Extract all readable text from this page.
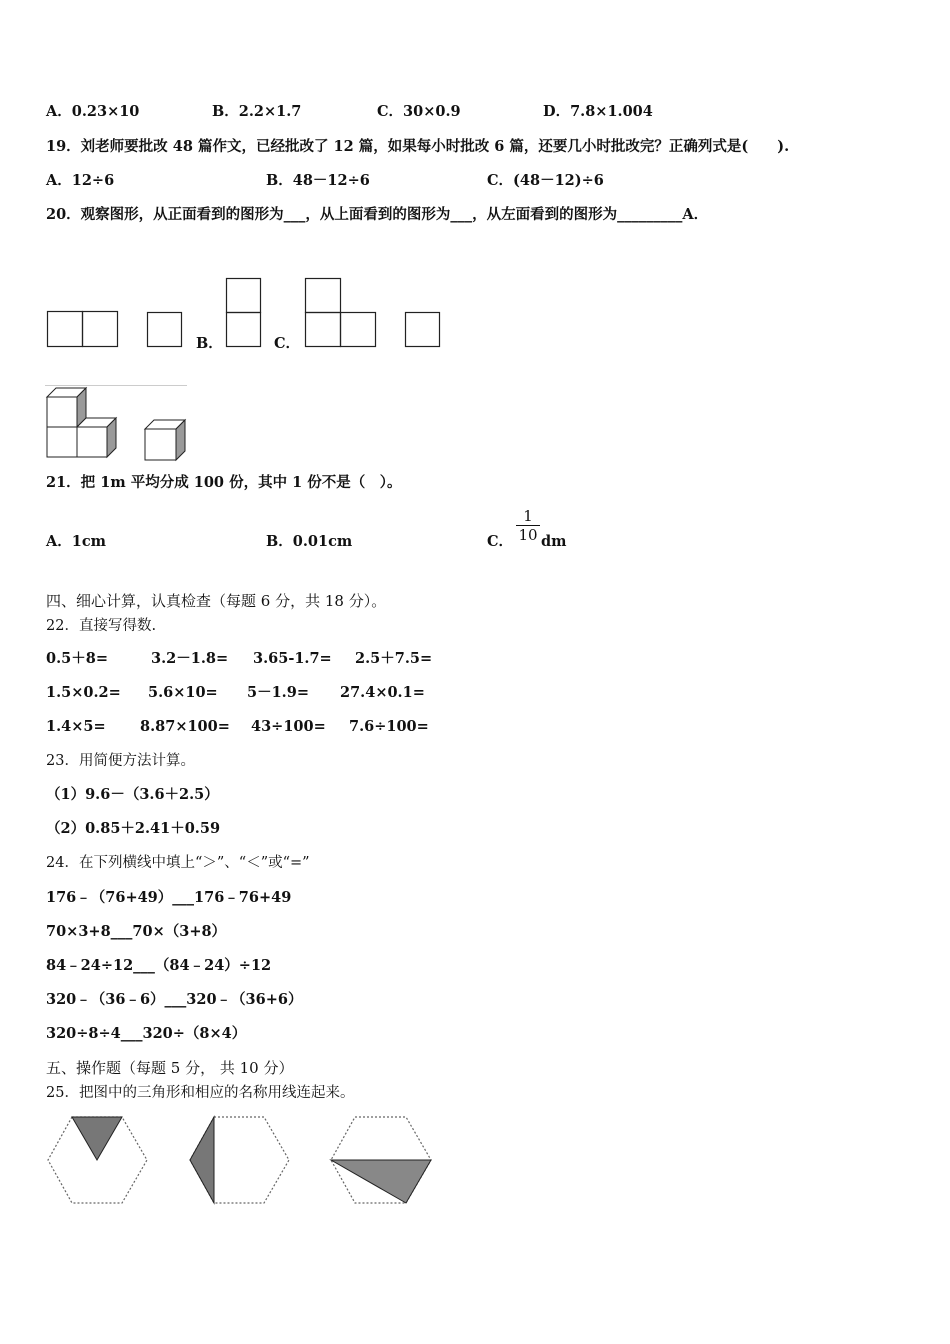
A．0.23×10	B．2.2×1.7	C．30×0.9	D．7.8×1.004
19．刘老师要批改 48 篇作文，已经批改了 12 篇，如果每小时批改 6 篇，还要几小时批改完？正确列式是(　　).
A．12÷6	B．48－12÷6	C．(48－12)÷6
20．观察图形，从正面看到的图形为___，从上面看到的图形为___，从左面看到的图形为_________A．
B．	C．
21．把 1m 平均分成 100 份，其中 1 份不是（　）。
A．1cm	B．0.01cm	C． $\frac{1}{10}$ dm
四、细心计算，认真检查（每题 6 分，共 18 分）。
22．直接写得数.
0.5＋8=	3.2－1.8= 3.65-1.7= 2.5＋7.5=
1.5×0.2= 5.6×10= 5－1.9= 27.4×0.1=
1.4×5= 8.87×100= 43÷100= 7.6÷100=
23．用简便方法计算。
（1）9.6－（3.6＋2.5）
（2）0.85＋2.41＋0.59
24．在下列横线中填上“＞”、“＜”或“=”
176﹣（76+49）___176﹣76+49
70×3+8___70×（3+8）
84﹣24÷12___（84﹣24）÷12
320﹣（36﹣6）___320﹣（36+6）
320÷8÷4___320÷（8×4）
五、操作题（每题 5 分， 共 10 分）
25．把图中的三角形和相应的名称用线连起来。
